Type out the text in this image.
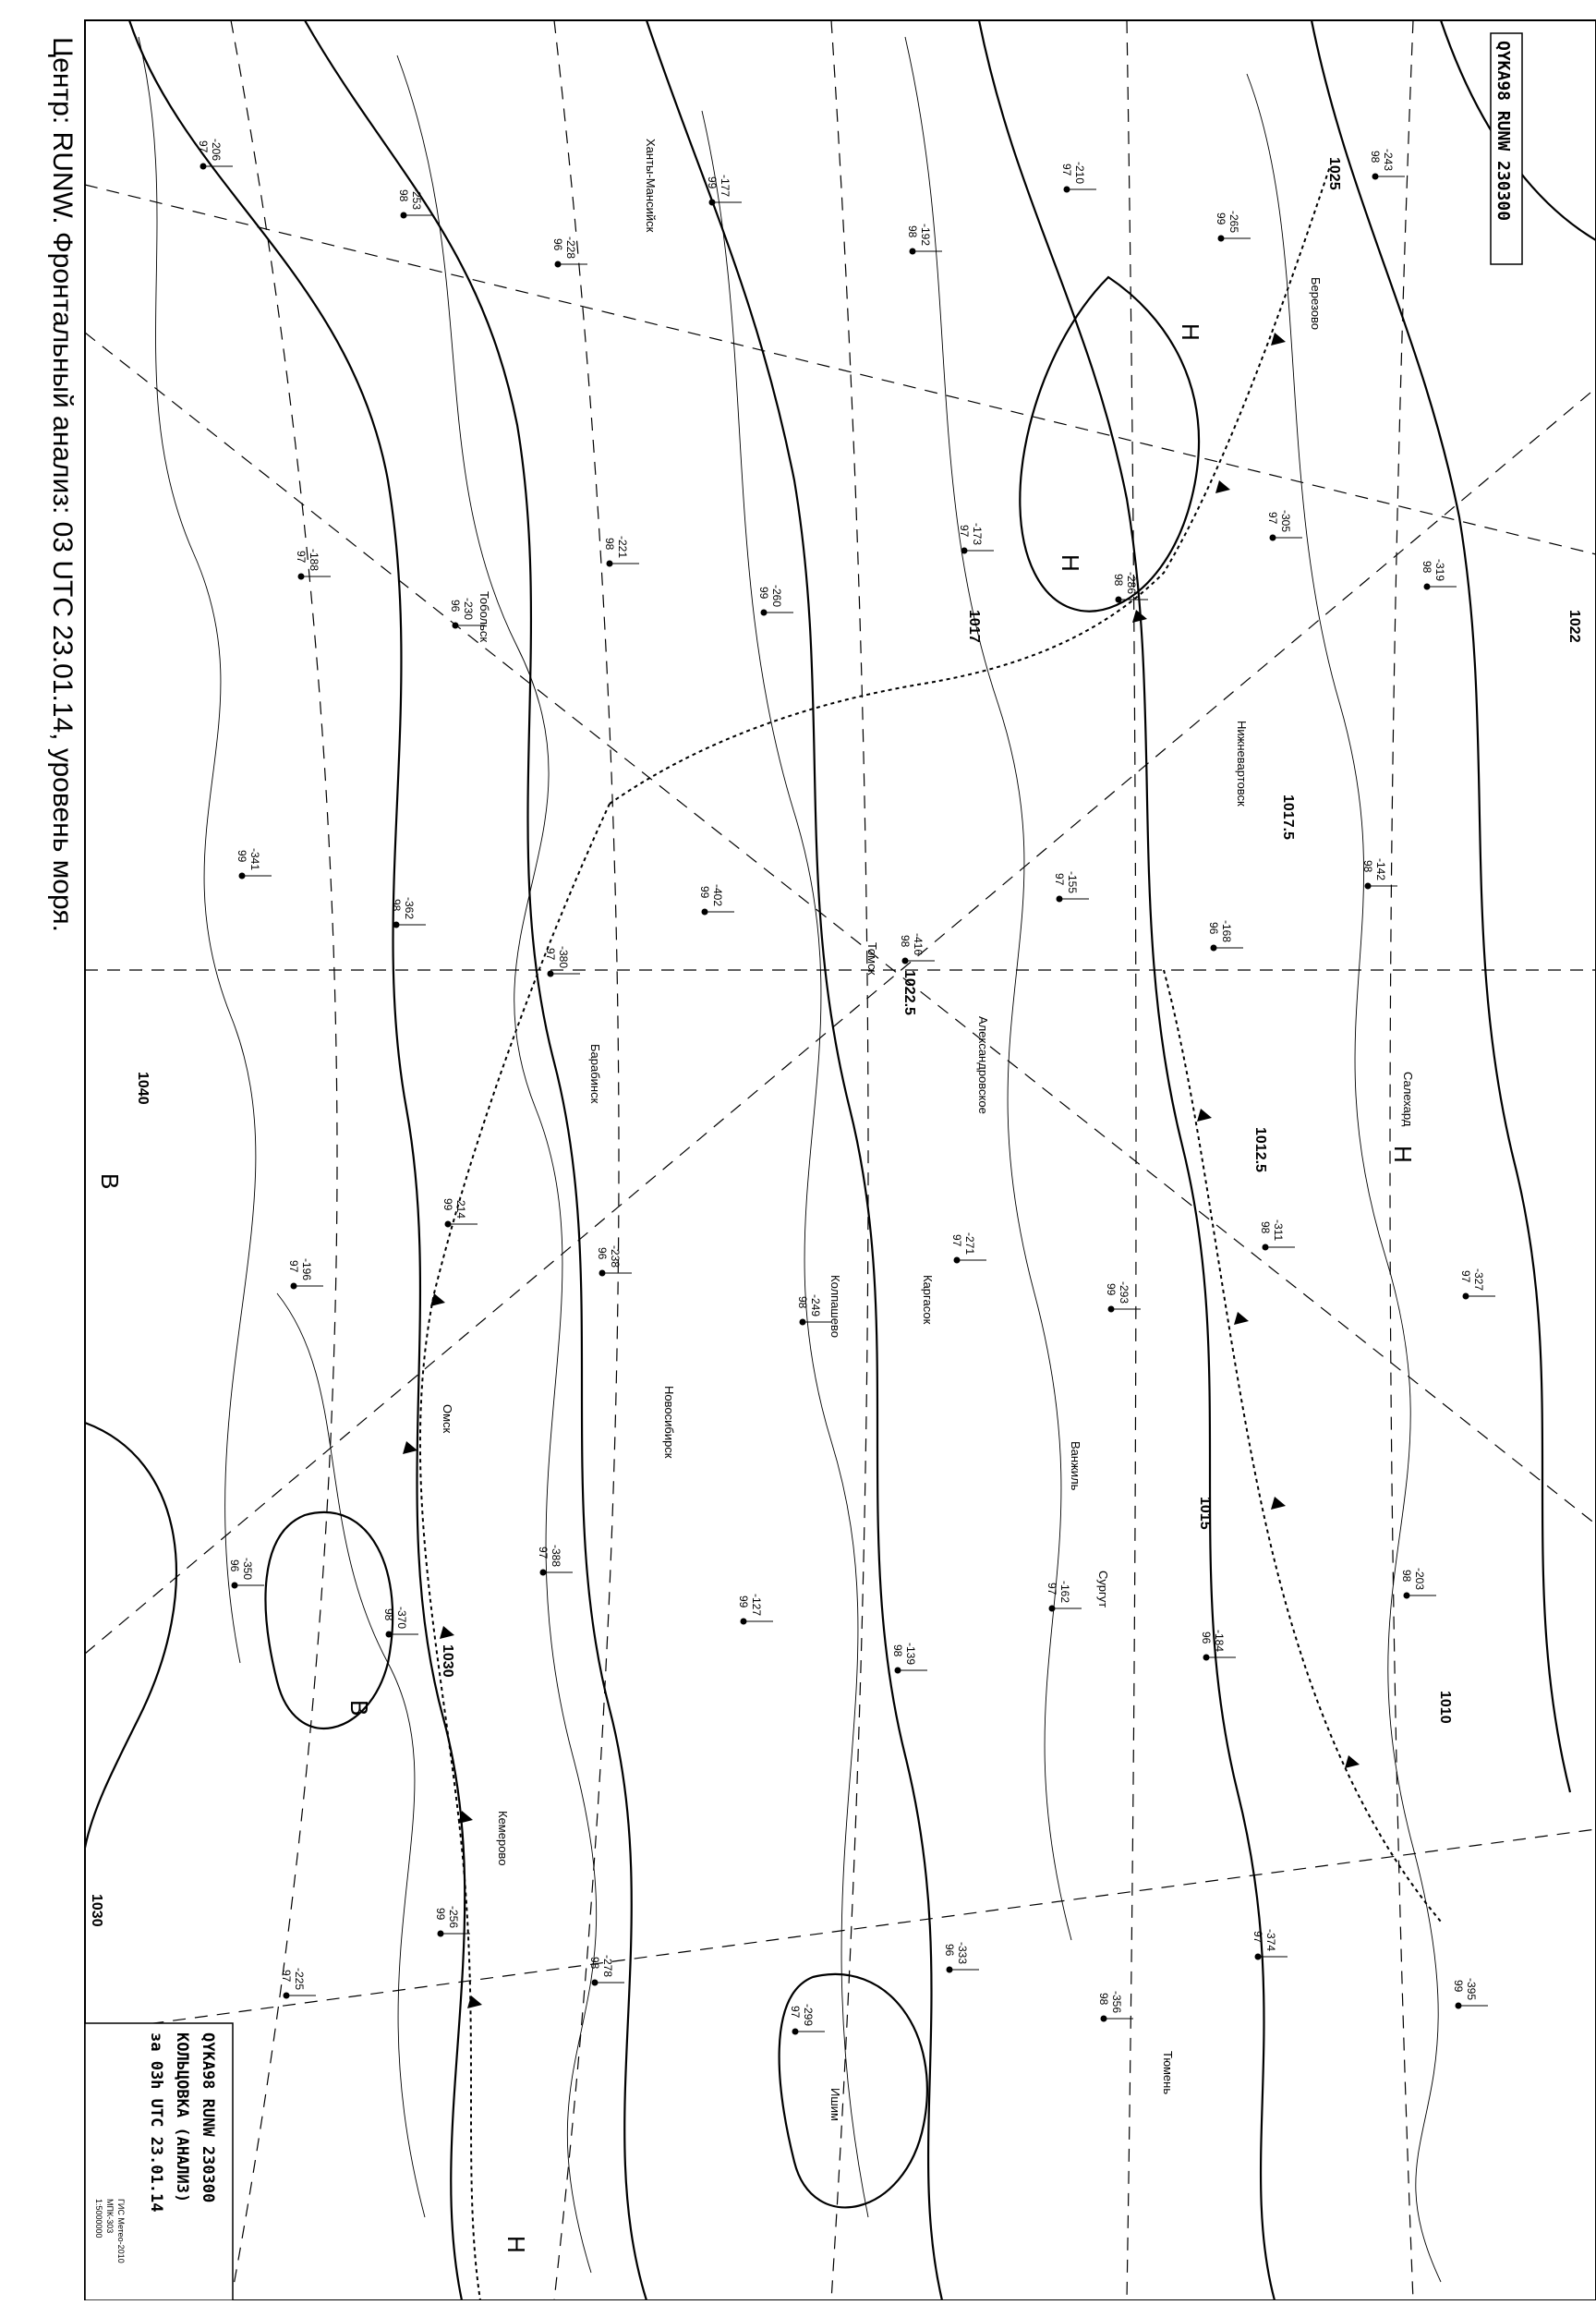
-206
97
-253
98
-228
96
-177
99
-192
98
-210
97
-265
99
-243
98
-188
97
-230
96
-221
98
-260
99
-173
97
-286
98
-305
97
-319
98
-341
99
-362
98
-380
97
-402
99
-416
98
-155
97
-168
96
-142
98
-196
97
-214
99
-238
96
-249
98
-271
97
-293
99
-311
98
-327
97
-350
96
-370
98
-388
97
-127
99
-139
98
-162
97
-184
96
-203
98
-225
97
-256
99
-278
98
-299
97
-333
96
-356
98
-374
97
-395
99
Ханты-Мансийск
Тобольск
Омск	Новосибирск
Барабинск
Кемерово
Томск
Колпашево
Александровское
Каргасок
Ванжиль
Нижневартовск
Сургут
Березово
Салехард
Тюмень
Ишим
1040
1030
1025
1022
1017
1017.5
1015
1012.5
1010
1022.5
1030
Н
Н
Н
В
В
Н
Центр: RUNW. Фронтальный анализ: 03 UTC 23.01.14, уровень моря.	QYKA98 RUNW 230300
QYKA98 RUNW 230300
КОЛЬЦОВКА (АНАЛИЗ)
за 03h UTC 23.01.14
ГИС Метео-2010
МПК-303
1:5000000
